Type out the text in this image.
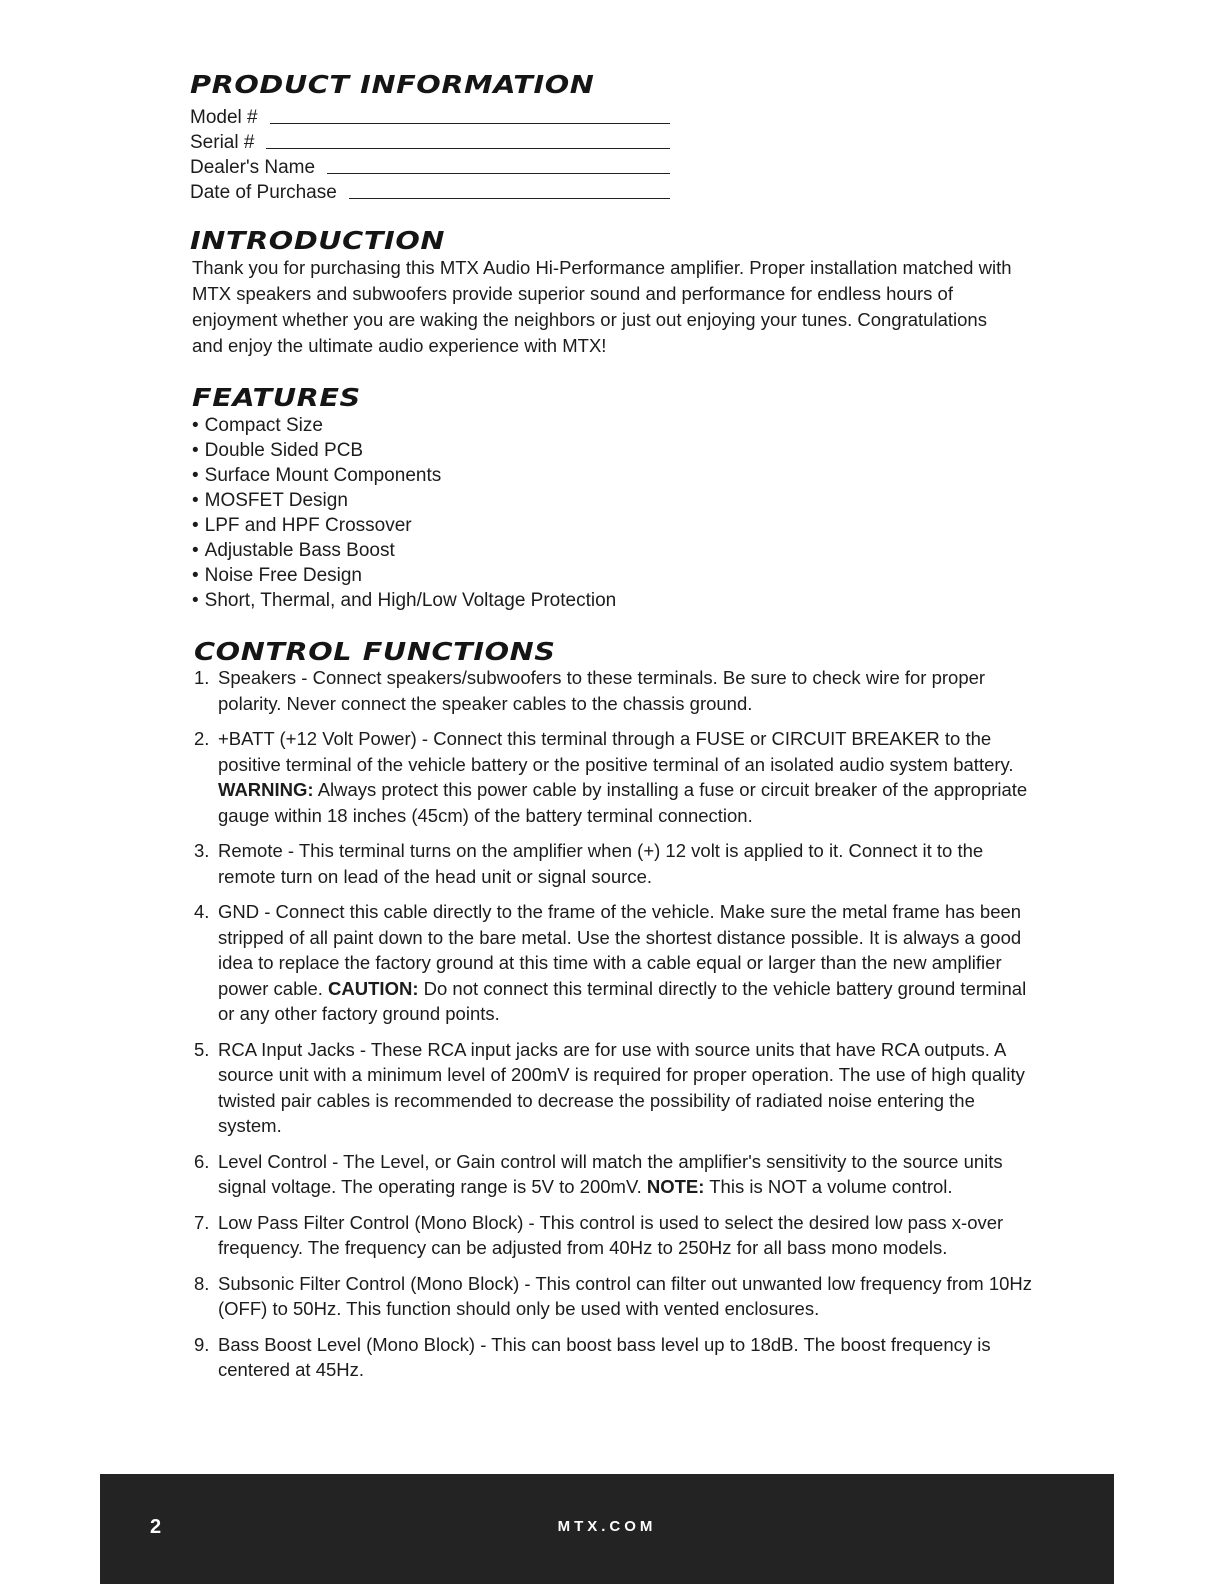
PRODUCT INFORMATION
Model #
Serial #
Dealer's Name
Date of Purchase
INTRODUCTION

Thank you for purchasing this MTX Audio Hi-Performance amplifier. Proper installation matched with MTX speakers and subwoofers provide superior sound and performance for endless hours of enjoyment whether you are waking the neighbors or just out enjoying your tunes. Congratulations and enjoy the ultimate audio experience with MTX!

FEATURES
• Compact Size
• Double Sided PCB
• Surface Mount Components
• MOSFET Design
• LPF and HPF Crossover
• Adjustable Bass Boost
• Noise Free Design
• Short, Thermal, and High/Low Voltage Protection
CONTROL FUNCTIONS
1. Speakers - Connect speakers/subwoofers to these terminals. Be sure to check wire for proper polarity. Never connect the speaker cables to the chassis ground.
2. +BATT (+12 Volt Power) - Connect this terminal through a FUSE or CIRCUIT BREAKER to the positive terminal of the vehicle battery or the positive terminal of an isolated audio system battery. WARNING: Always protect this power cable by installing a fuse or circuit breaker of the appropriate gauge within 18 inches (45cm) of the battery terminal connection.
3. Remote - This terminal turns on the amplifier when (+) 12 volt is applied to it. Connect it to the remote turn on lead of the head unit or signal source.
4. GND - Connect this cable directly to the frame of the vehicle. Make sure the metal frame has been stripped of all paint down to the bare metal. Use the shortest distance possible. It is always a good idea to replace the factory ground at this time with a cable equal or larger than the new amplifier power cable. CAUTION: Do not connect this terminal directly to the vehicle battery ground terminal or any other factory ground points.
5. RCA Input Jacks - These RCA input jacks are for use with source units that have RCA outputs. A source unit with a minimum level of 200mV is required for proper operation. The use of high quality twisted pair cables is recommended to decrease the possibility of radiated noise entering the system.
6. Level Control - The Level, or Gain control will match the amplifier's sensitivity to the source units signal voltage. The operating range is 5V to 200mV. NOTE: This is NOT a volume control.
7. Low Pass Filter Control (Mono Block) - This control is used to select the desired low pass x-over frequency. The frequency can be adjusted from 40Hz to 250Hz for all bass mono models.
8. Subsonic Filter Control (Mono Block) - This control can filter out unwanted low frequency from 10Hz (OFF) to 50Hz. This function should only be used with vented enclosures.
9. Bass Boost Level (Mono Block) - This can boost bass level up to 18dB. The boost frequency is centered at 45Hz.
2	MTX.COM
